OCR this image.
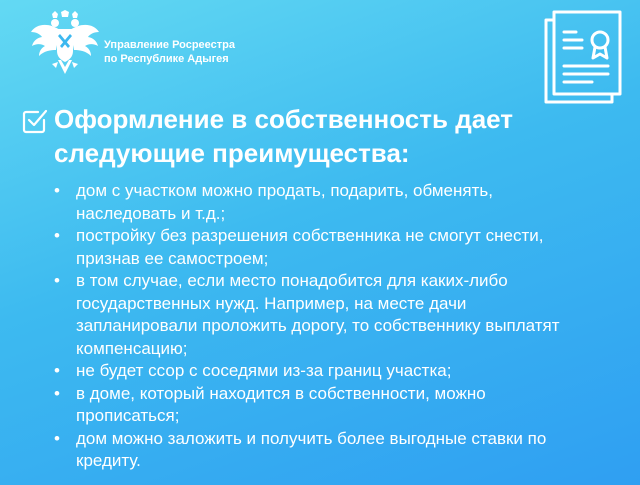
Управление Росреестра
по Республике Адыгея
Оформление в собственность дает
следующие преимущества:
• дом с участком можно продать, подарить, обменять,
наследовать и т.д.;
• постройку без разрешения собственника не смогут снести,
признав ее самостроем;
• в том случае, если место понадобится для каких-либо
государственных нужд. Например, на месте дачи
запланировали проложить дорогу, то собственнику выплатят
компенсацию;
• не будет ссор с соседями из-за границ участка;
• в доме, который находится в собственности, можно
прописаться;
• дом можно заложить и получить более выгодные ставки по
кредиту.
